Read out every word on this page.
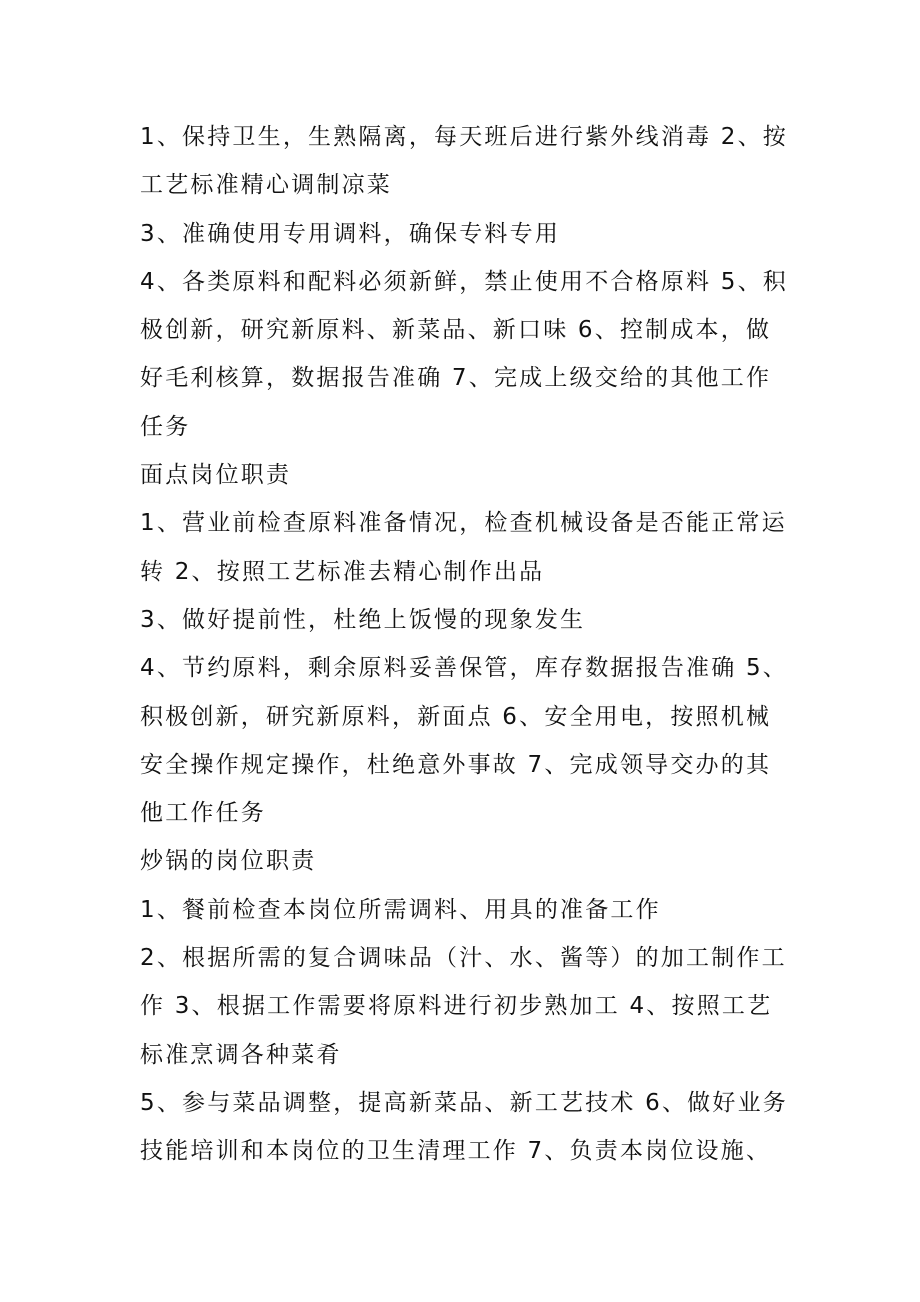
1、保持卫生，生熟隔离，每天班后进行紫外线消毒 2、按
工艺标准精心调制凉菜
3、准确使用专用调料，确保专料专用
4、各类原料和配料必须新鲜，禁止使用不合格原料 5、积
极创新，研究新原料、新菜品、新口味 6、控制成本，做
好毛利核算，数据报告准确 7、完成上级交给的其他工作
任务
面点岗位职责
1、营业前检查原料准备情况，检查机械设备是否能正常运
转 2、按照工艺标准去精心制作出品
3、做好提前性，杜绝上饭慢的现象发生
4、节约原料，剩余原料妥善保管，库存数据报告准确 5、
积极创新，研究新原料，新面点 6、安全用电，按照机械
安全操作规定操作，杜绝意外事故 7、完成领导交办的其
他工作任务
炒锅的岗位职责
1、餐前检查本岗位所需调料、用具的准备工作
2、根据所需的复合调味品（汁、水、酱等）的加工制作工
作 3、根据工作需要将原料进行初步熟加工 4、按照工艺
标准烹调各种菜肴
5、参与菜品调整，提高新菜品、新工艺技术 6、做好业务
技能培训和本岗位的卫生清理工作 7、负责本岗位设施、
